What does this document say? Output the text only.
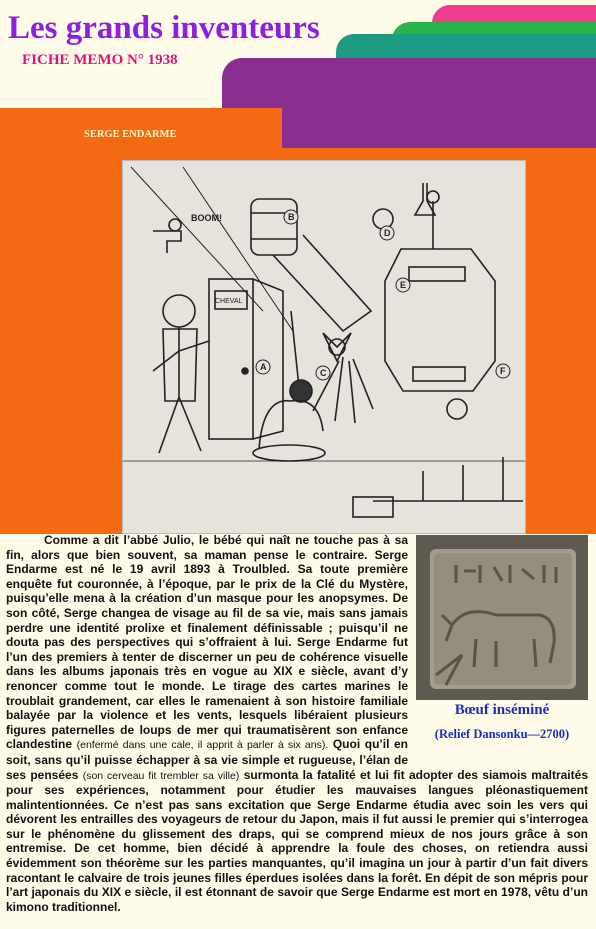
Les grands inventeurs
FICHE MEMO N° 1938
SERGE ENDARME
BOOM!
CHEVAL
B
A
C
D
E
F
Bœuf inséminé
(Relief Dansonku—2700)

Comme a dit l’abbé Julio, le bébé qui naît ne touche pas à sa fin, alors que bien souvent, sa maman pense le contraire. Serge Endarme est né le 19 avril 1893 à Troulbled. Sa toute première enquête fut couronnée, à l’époque, par le prix de la Clé du Mystère, puisqu’elle mena à la création d’un masque pour les anopsymes. De son côté, Serge changea de visage au fil de sa vie, mais sans jamais perdre une identité prolixe et finalement définissable ; puisqu’il ne douta pas des perspectives qui s’offraient à lui. Serge Endarme fut l’un des premiers à tenter de discerner un peu de cohérence visuelle dans les albums japonais très en vogue au XIX e siècle, avant d’y renoncer comme tout le monde. Le tirage des cartes marines le troublait grandement, car elles le ramenaient à son histoire familiale balayée par la violence et les vents, lesquels libéraient plusieurs figures paternelles de loups de mer qui traumatisèrent son enfance clandestine (enfermé dans une cale, il apprit à parler à six ans). Quoi qu’il en soit, sans qu’il puisse échapper à sa vie simple et rugueuse, l’élan de ses pensées (son cerveau fit trembler sa ville) surmonta la fatalité et lui fit adopter des siamois maltraités pour ses expériences, notamment pour étudier les mauvaises langues pléonastiquement malintentionnées. Ce n’est pas sans excitation que Serge Endarme étudia avec soin les vers qui dévorent les entrailles des voyageurs de retour du Japon, mais il fut aussi le premier qui s’interrogea sur le phénomène du glissement des draps, qui se comprend mieux de nos jours grâce à son entremise. De cet homme, bien décidé à apprendre la foule des choses, on retiendra aussi évidemment son théorème sur les parties manquantes, qu’il imagina un jour à partir d’un fait divers racontant le calvaire de trois jeunes filles éperdues isolées dans la forêt. En dépit de son mépris pour l’art japonais du XIX e siècle, il est étonnant de savoir que Serge Endarme est mort en 1978, vêtu d’un kimono traditionnel.
